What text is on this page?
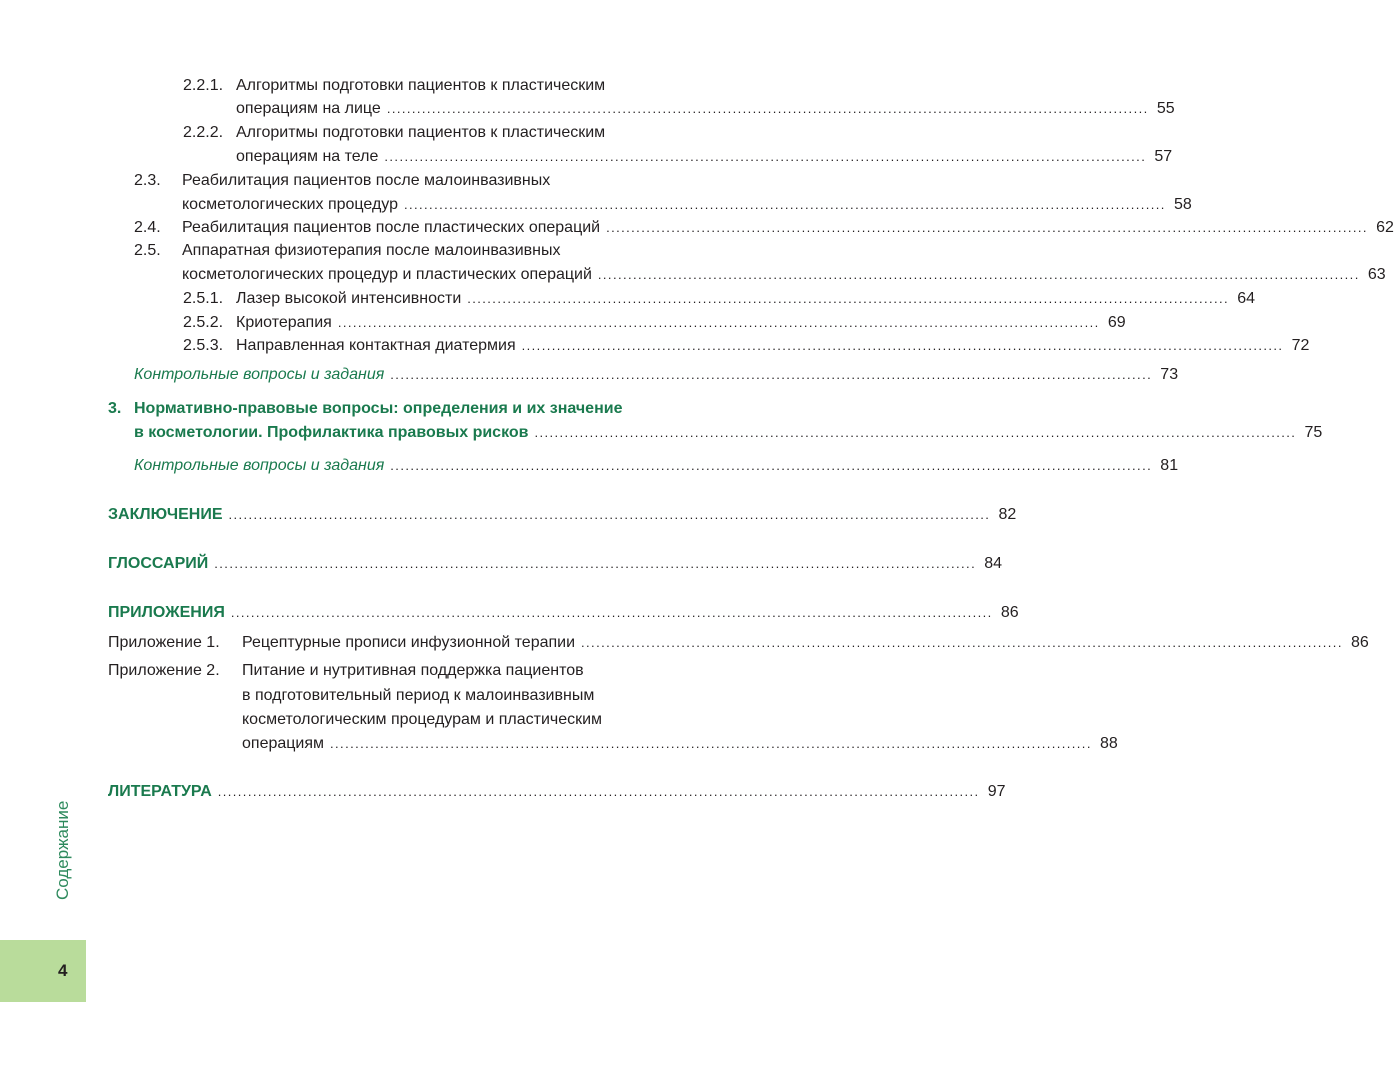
2.2.1. Алгоритмы подготовки пациентов к пластическим
операциям на лице ........................................................................................................................................................ 55
2.2.2. Алгоритмы подготовки пациентов к пластическим
операциям на теле ........................................................................................................................................................ 57
2.3. Реабилитация пациентов после малоинвазивных
косметологических процедур ........................................................................................................................................................ 58
2.4. Реабилитация пациентов после пластических операций ........................................................................................................................................................ 62
2.5. Аппаратная физиотерапия после малоинвазивных
косметологических процедур и пластических операций ........................................................................................................................................................ 63
2.5.1. Лазер высокой интенсивности ........................................................................................................................................................ 64
2.5.2. Криотерапия ........................................................................................................................................................ 69
2.5.3. Направленная контактная диатермия ........................................................................................................................................................ 72
Контрольные вопросы и задания ........................................................................................................................................................ 73
3. Нормативно-правовые вопросы: определения и их значение
в косметологии. Профилактика правовых рисков ........................................................................................................................................................ 75
Контрольные вопросы и задания ........................................................................................................................................................ 81
ЗАКЛЮЧЕНИЕ ........................................................................................................................................................ 82
ГЛОССАРИЙ ........................................................................................................................................................ 84
ПРИЛОЖЕНИЯ ........................................................................................................................................................ 86
Приложение 1. Рецептурные прописи инфузионной терапии ........................................................................................................................................................ 86
Приложение 2. Питание и нутритивная поддержка пациентов
в подготовительный период к малоинвазивным
косметологическим процедурам и пластическим
операциям ........................................................................................................................................................ 88
ЛИТЕРАТУРА ........................................................................................................................................................ 97
Содержание
4
